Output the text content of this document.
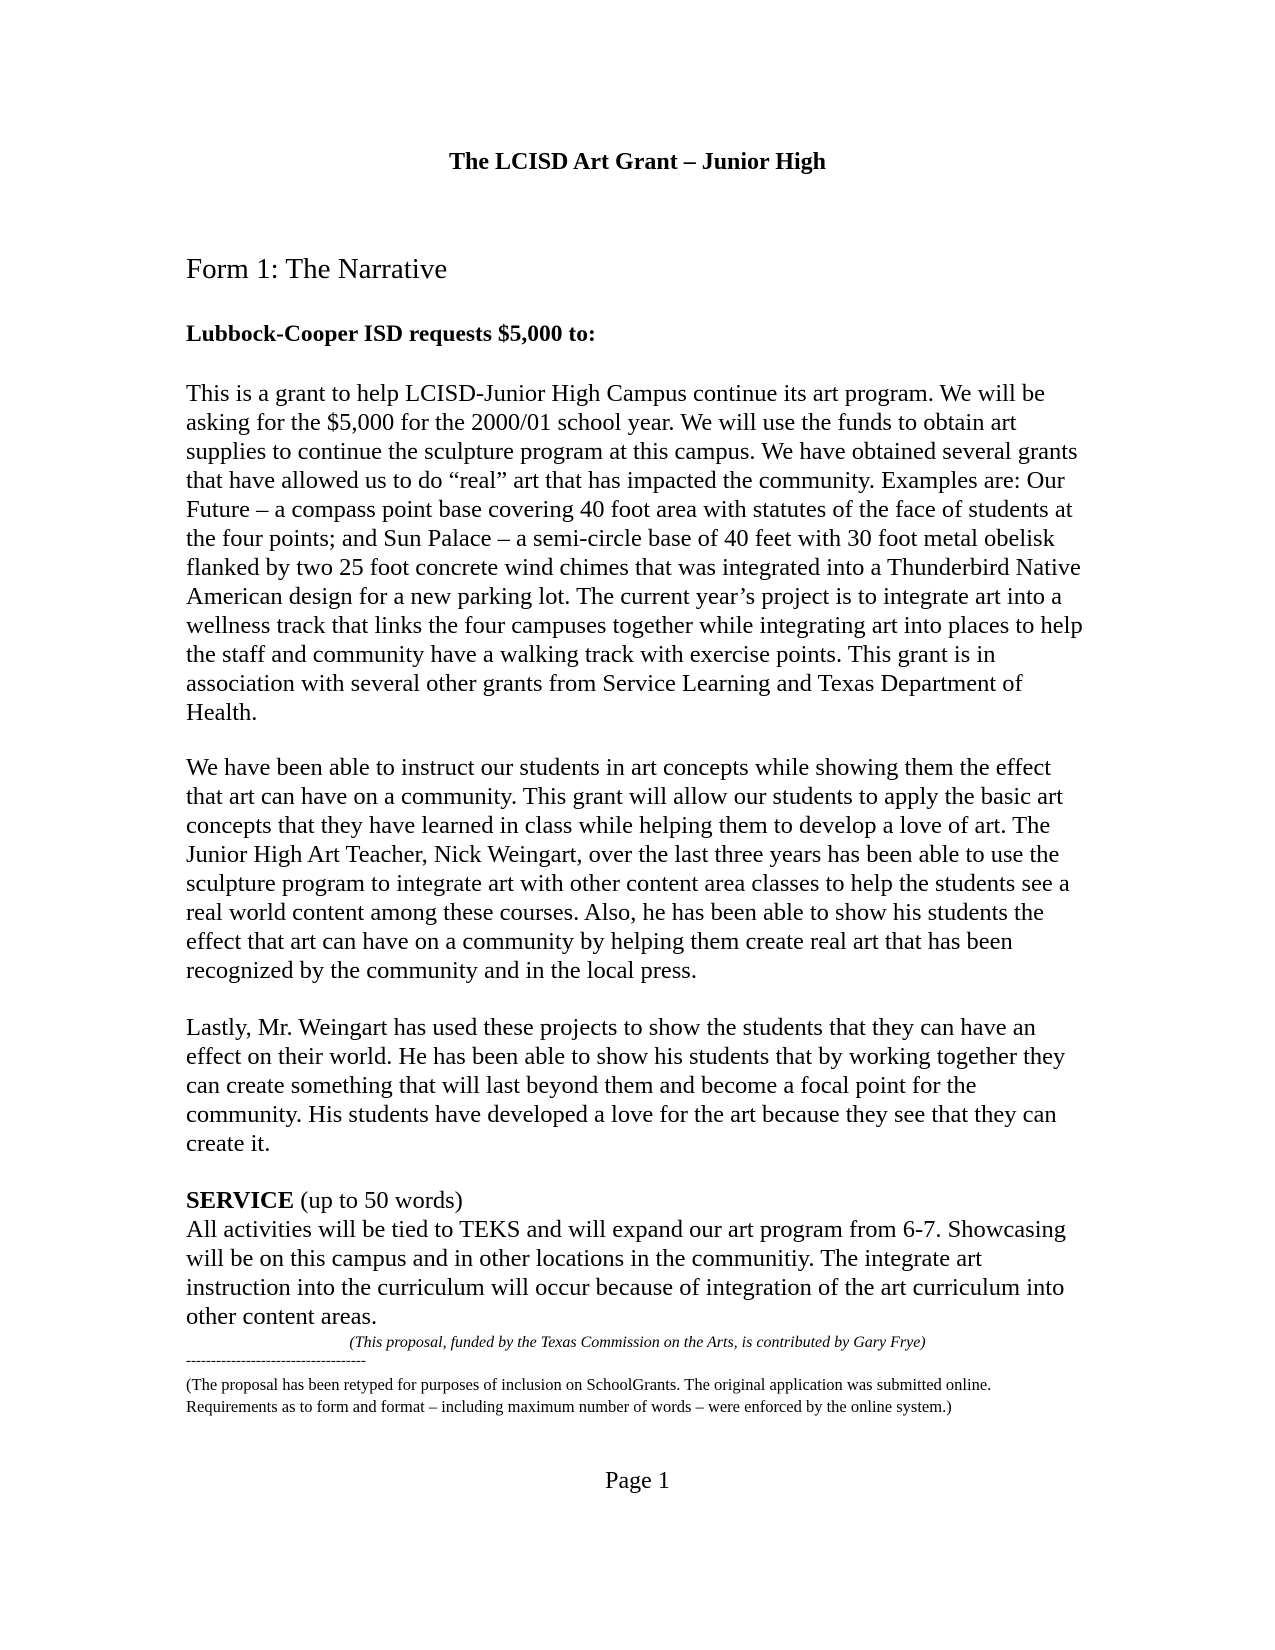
The LCISD Art Grant – Junior High
Form 1: The Narrative
Lubbock-Cooper ISD requests $5,000 to:

This is a grant to help LCISD-Junior High Campus continue its art program. We will be asking for the $5,000 for the 2000/01 school year. We will use the funds to obtain art supplies to continue the sculpture program at this campus. We have obtained several grants that have allowed us to do “real” art that has impacted the community. Examples are: Our Future – a compass point base covering 40 foot area with statutes of the face of students at the four points; and Sun Palace – a semi-circle base of 40 feet with 30 foot metal obelisk flanked by two 25 foot concrete wind chimes that was integrated into a Thunderbird Native American design for a new parking lot. The current year’s project is to integrate art into a wellness track that links the four campuses together while integrating art into places to help the staff and community have a walking track with exercise points. This grant is in association with several other grants from Service Learning and Texas Department of Health.

We have been able to instruct our students in art concepts while showing them the effect that art can have on a community. This grant will allow our students to apply the basic art concepts that they have learned in class while helping them to develop a love of art. The Junior High Art Teacher, Nick Weingart, over the last three years has been able to use the sculpture program to integrate art with other content area classes to help the students see a real world content among these courses. Also, he has been able to show his students the effect that art can have on a community by helping them create real art that has been recognized by the community and in the local press.

Lastly, Mr. Weingart has used these projects to show the students that they can have an effect on their world. He has been able to show his students that by working together they can create something that will last beyond them and become a focal point for the community. His students have developed a love for the art because they see that they can create it.

SERVICE (up to 50 words)
All activities will be tied to TEKS and will expand our art program from 6-7. Showcasing will be on this campus and in other locations in the communitiy. The integrate art instruction into the curriculum will occur because of integration of the art curriculum into other content areas.

(This proposal, funded by the Texas Commission on the Arts, is contributed by Gary Frye)

------------------------------------

(The proposal has been retyped for purposes of inclusion on SchoolGrants. The original application was submitted online. Requirements as to form and format – including maximum number of words – were enforced by the online system.)

Page 1
